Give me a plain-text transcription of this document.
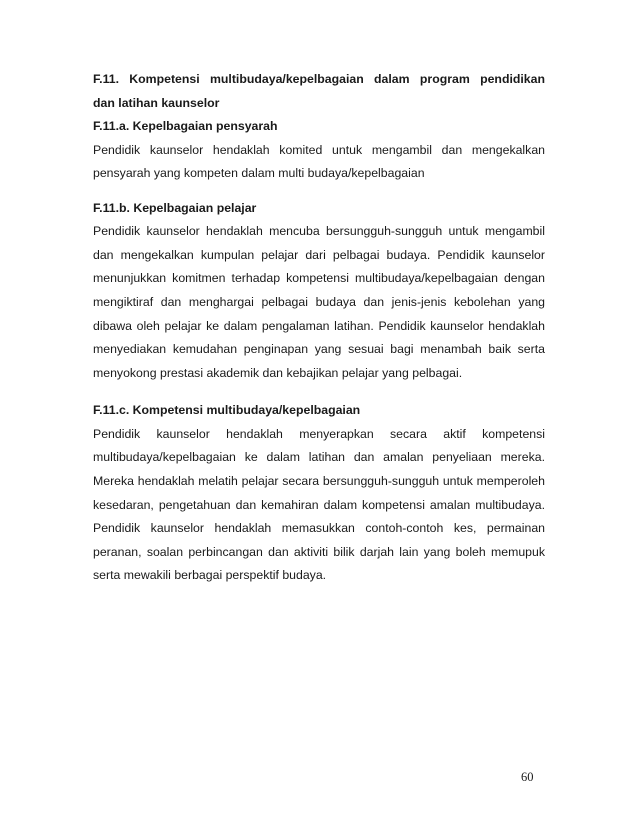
F.11. Kompetensi multibudaya/kepelbagaian dalam program pendidikan

dan latihan kaunselor

F.11.a. Kepelbagaian pensyarah

Pendidik kaunselor hendaklah komited untuk mengambil dan mengekalkan pensyarah yang kompeten dalam multi budaya/kepelbagaian

F.11.b. Kepelbagaian pelajar

Pendidik kaunselor hendaklah mencuba bersungguh-sungguh untuk mengambil dan mengekalkan kumpulan pelajar dari pelbagai budaya. Pendidik kaunselor menunjukkan komitmen terhadap kompetensi multibudaya/kepelbagaian dengan mengiktiraf dan menghargai pelbagai budaya dan jenis-jenis kebolehan yang dibawa oleh pelajar ke dalam pengalaman latihan. Pendidik kaunselor hendaklah menyediakan kemudahan penginapan yang sesuai bagi menambah baik serta menyokong prestasi akademik dan kebajikan pelajar yang pelbagai.

F.11.c. Kompetensi multibudaya/kepelbagaian

Pendidik kaunselor hendaklah menyerapkan secara aktif kompetensi multibudaya/kepelbagaian ke dalam latihan dan amalan penyeliaan mereka. Mereka hendaklah melatih pelajar secara bersungguh-sungguh untuk memperoleh kesedaran, pengetahuan dan kemahiran dalam kompetensi amalan multibudaya. Pendidik kaunselor hendaklah memasukkan contoh-contoh kes, permainan peranan, soalan perbincangan dan aktiviti bilik darjah lain yang boleh memupuk serta mewakili berbagai perspektif budaya.

60
